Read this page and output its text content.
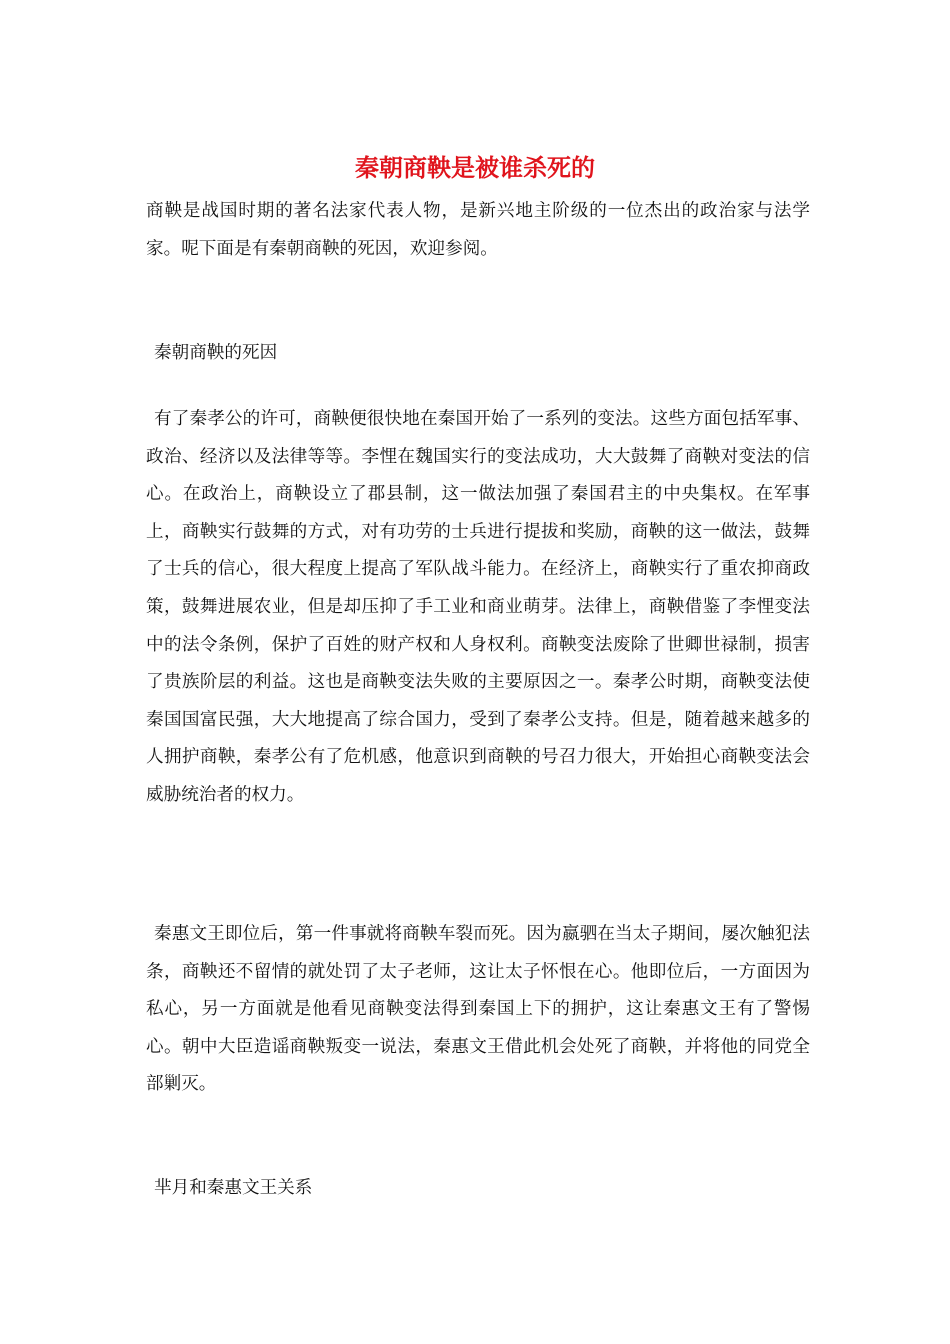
秦朝商鞅是被谁杀死的

商鞅是战国时期的著名法家代表人物，是新兴地主阶级的一位杰出的政治家与法学家。呢下面是有秦朝商鞅的死因，欢迎参阅。

秦朝商鞅的死因

有了秦孝公的许可，商鞅便很快地在秦国开始了一系列的变法。这些方面包括军事、政治、经济以及法律等等。李悝在魏国实行的变法成功，大大鼓舞了商鞅对变法的信心。在政治上，商鞅设立了郡县制，这一做法加强了秦国君主的中央集权。在军事上，商鞅实行鼓舞的方式，对有功劳的士兵进行提拔和奖励，商鞅的这一做法，鼓舞了士兵的信心，很大程度上提高了军队战斗能力。在经济上，商鞅实行了重农抑商政策，鼓舞进展农业，但是却压抑了手工业和商业萌芽。法律上，商鞅借鉴了李悝变法中的法令条例，保护了百姓的财产权和人身权利。商鞅变法废除了世卿世禄制，损害了贵族阶层的利益。这也是商鞅变法失败的主要原因之一。秦孝公时期，商鞅变法使秦国国富民强，大大地提高了综合国力，受到了秦孝公支持。但是，随着越来越多的人拥护商鞅，秦孝公有了危机感，他意识到商鞅的号召力很大，开始担心商鞅变法会威胁统治者的权力。

秦惠文王即位后，第一件事就将商鞅车裂而死。因为嬴驷在当太子期间，屡次触犯法条，商鞅还不留情的就处罚了太子老师，这让太子怀恨在心。他即位后，一方面因为私心，另一方面就是他看见商鞅变法得到秦国上下的拥护，这让秦惠文王有了警惕心。朝中大臣造谣商鞅叛变一说法，秦惠文王借此机会处死了商鞅，并将他的同党全部剿灭。

芈月和秦惠文王关系
